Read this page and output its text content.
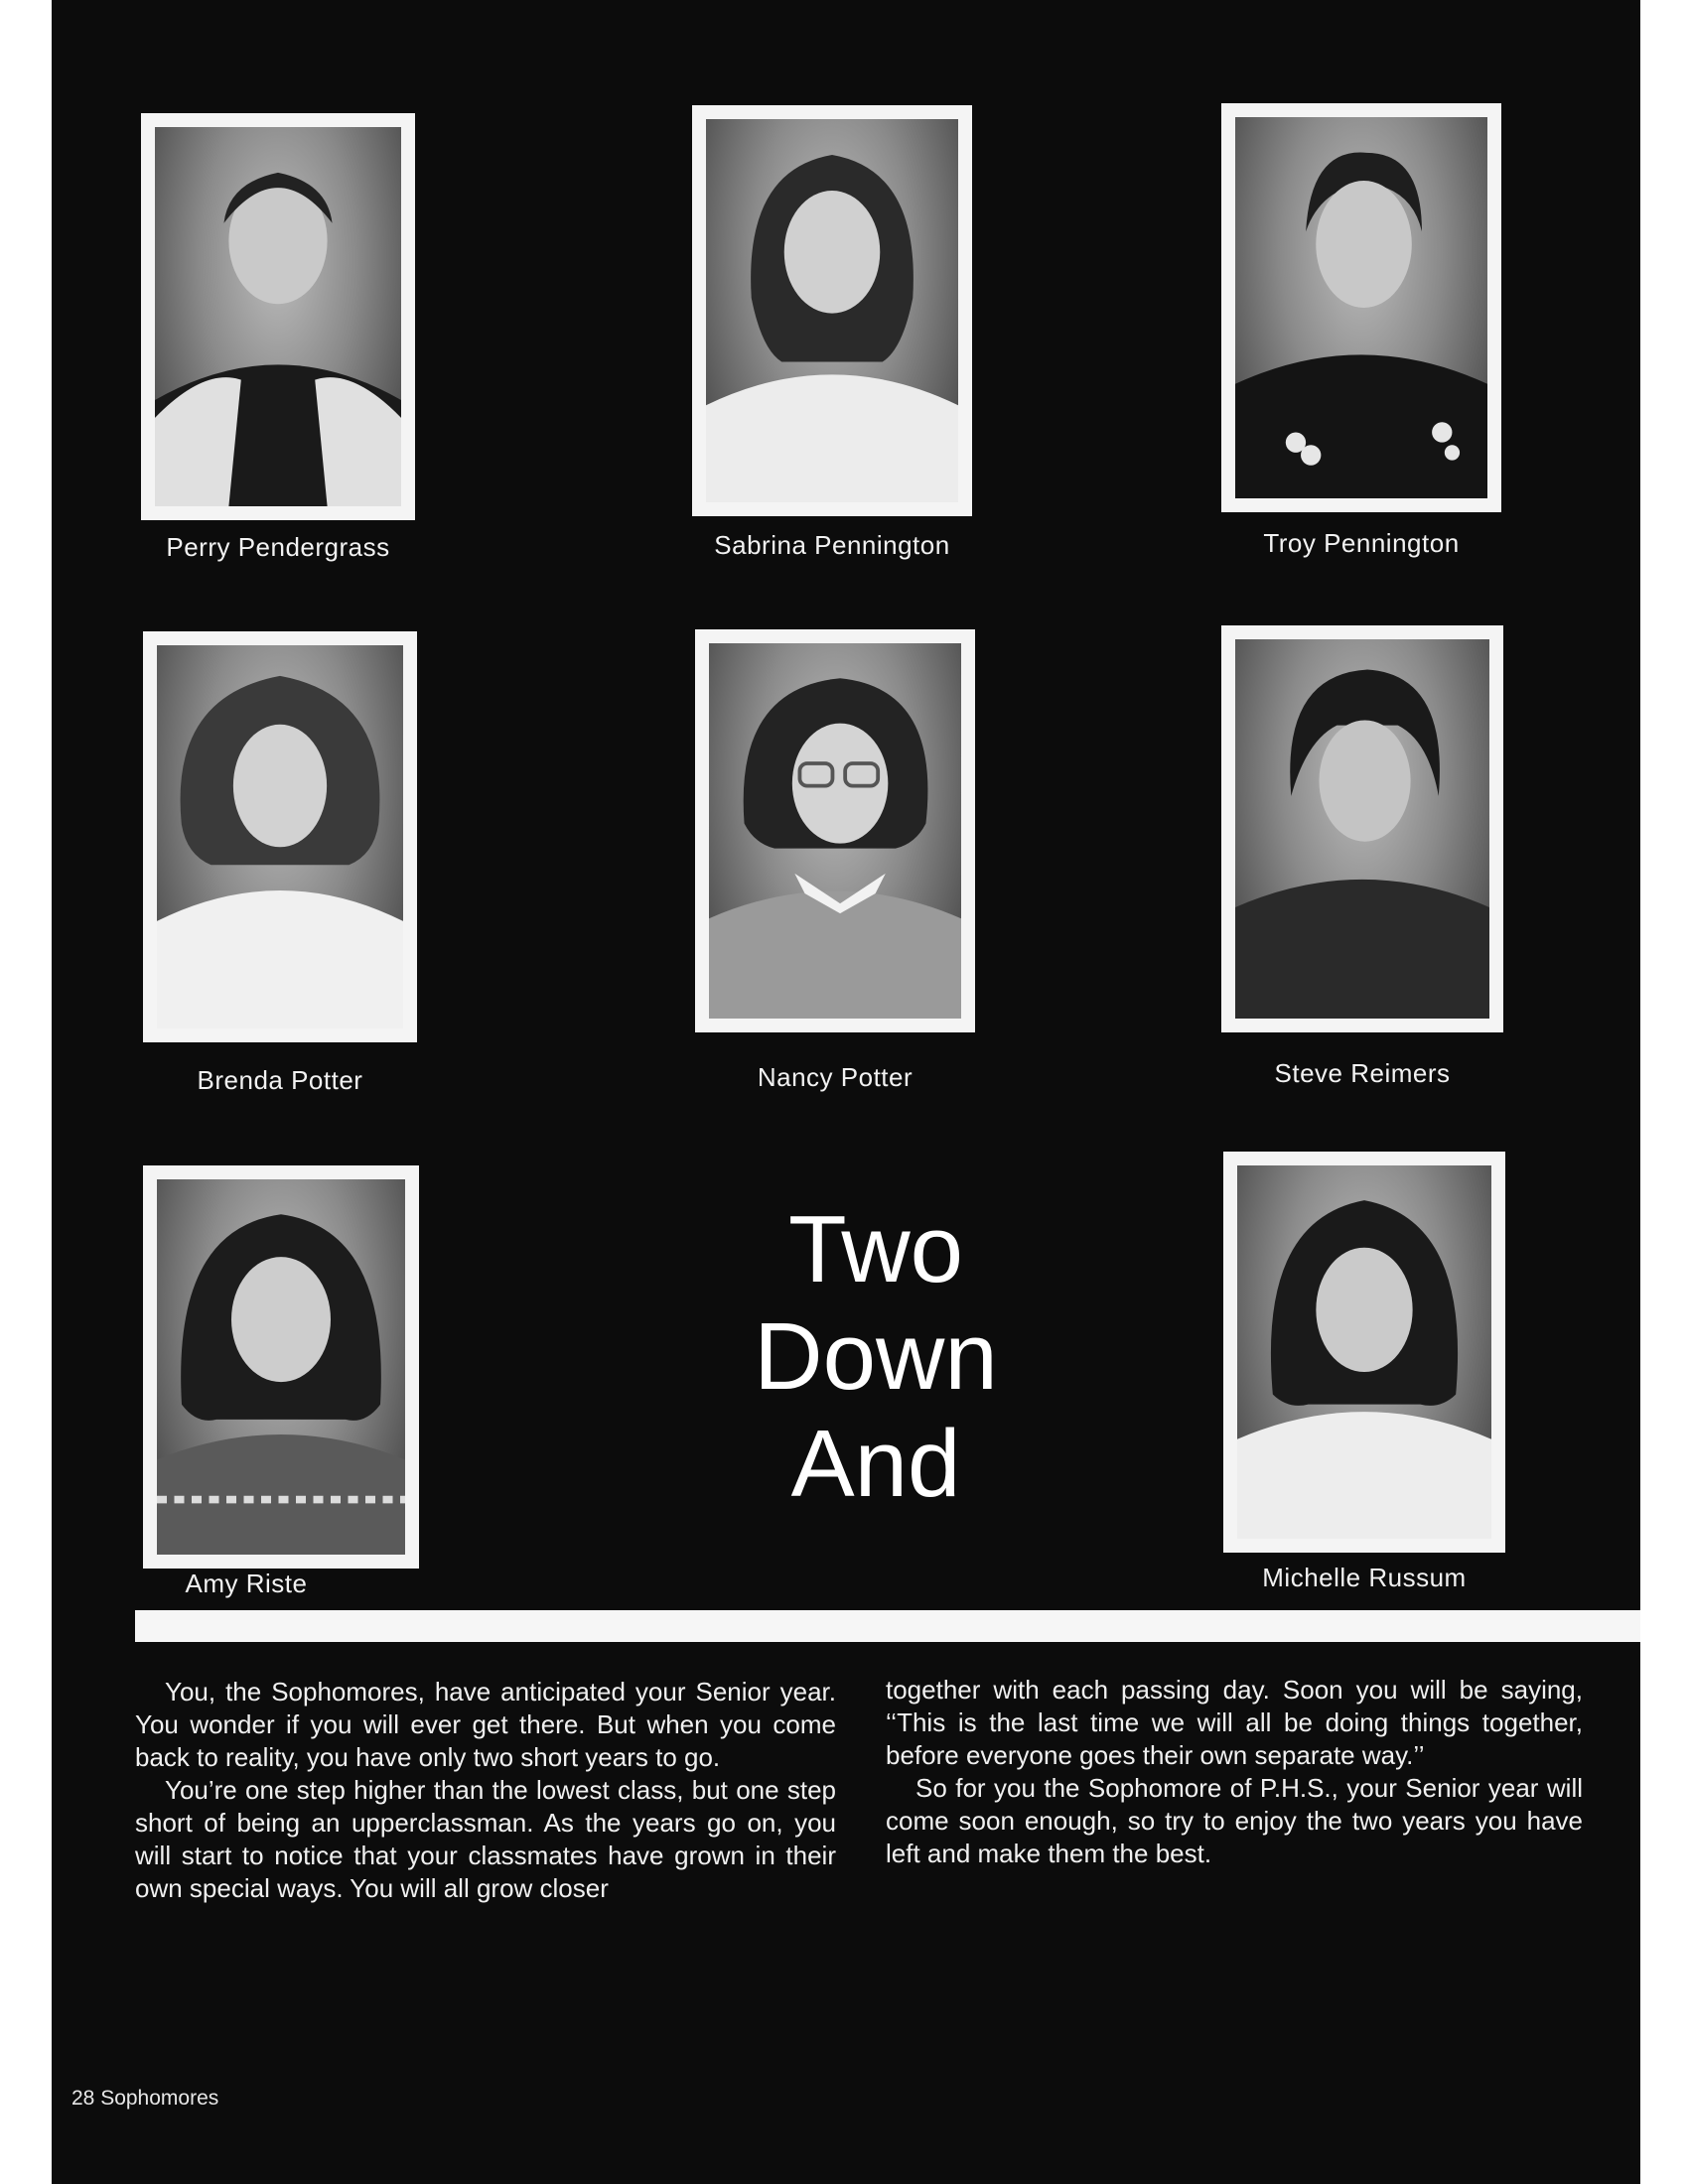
Perry Pendergrass	Sabrina Pennington	Troy Pennington
Brenda Potter	Nancy Potter	Steve Reimers
Amy Riste
Two
Down
And
Michelle Russum

You, the Sophomores, have anticipated your Senior year. You wonder if you will ever get there. But when you come back to reality, you have only two short years to go.

You’re one step higher than the lowest class, but one step short of being an upperclassman. As the years go on, you will start to notice that your classmates have grown in their own special ways. You will all grow closer

together with each passing day. Soon you will be saying, ‘‘This is the last time we will all be doing things together, before everyone goes their own separate way.’’

So for you the Sophomore of P.H.S., your Senior year will come soon enough, so try to enjoy the two years you have left and make them the best.

28 Sophomores
